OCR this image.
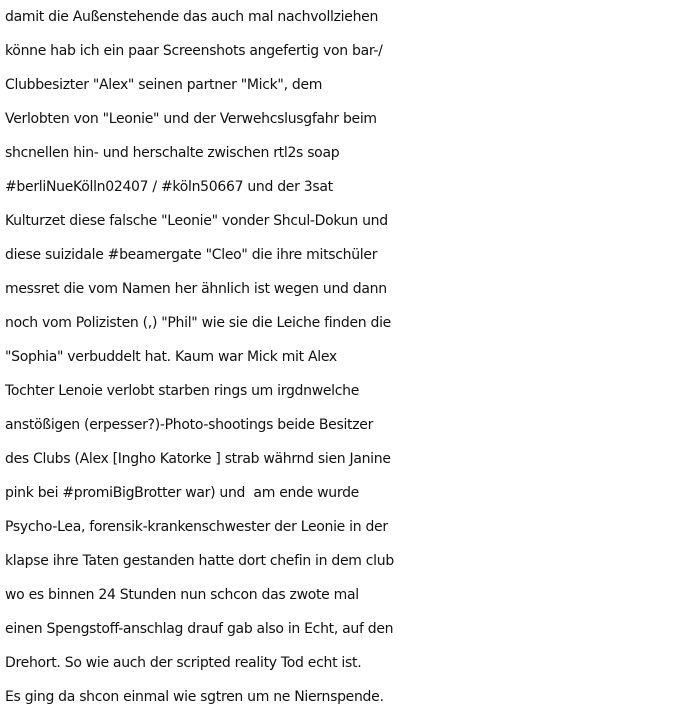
damit die Außenstehende das auch mal nachvollziehen
könne hab ich ein paar Screenshots angefertig von bar-/
Clubbesizter "Alex" seinen partner "Mick", dem
Verlobten von "Leonie" und der Verwehcslusgfahr beim
shcnellen hin- und herschalte zwischen rtl2s soap
#berliNueKölln02407 / #köln50667 und der 3sat
Kulturzet diese falsche "Leonie" vonder Shcul-Dokun und
diese suizidale #beamergate "Cleo" die ihre mitschüler
messret die vom Namen her ähnlich ist wegen und dann
noch vom Polizisten (,) "Phil" wie sie die Leiche finden die
"Sophia" verbuddelt hat. Kaum war Mick mit Alex
Tochter Lenoie verlobt starben rings um irgdnwelche
anstößigen (erpesser?)-Photo-shootings beide Besitzer
des Clubs (Alex [Ingho Katorke ] strab währnd sien Janine
pink bei #promiBigBrotter war) und  am ende wurde
Psycho-Lea, forensik-krankenschwester der Leonie in der
klapse ihre Taten gestanden hatte dort chefin in dem club
wo es binnen 24 Stunden nun schcon das zwote mal
einen Spengstoff-anschlag drauf gab also in Echt, auf den
Drehort. So wie auch der scripted reality Tod echt ist.
Es ging da shcon einmal wie sgtren um ne Niernspende.
